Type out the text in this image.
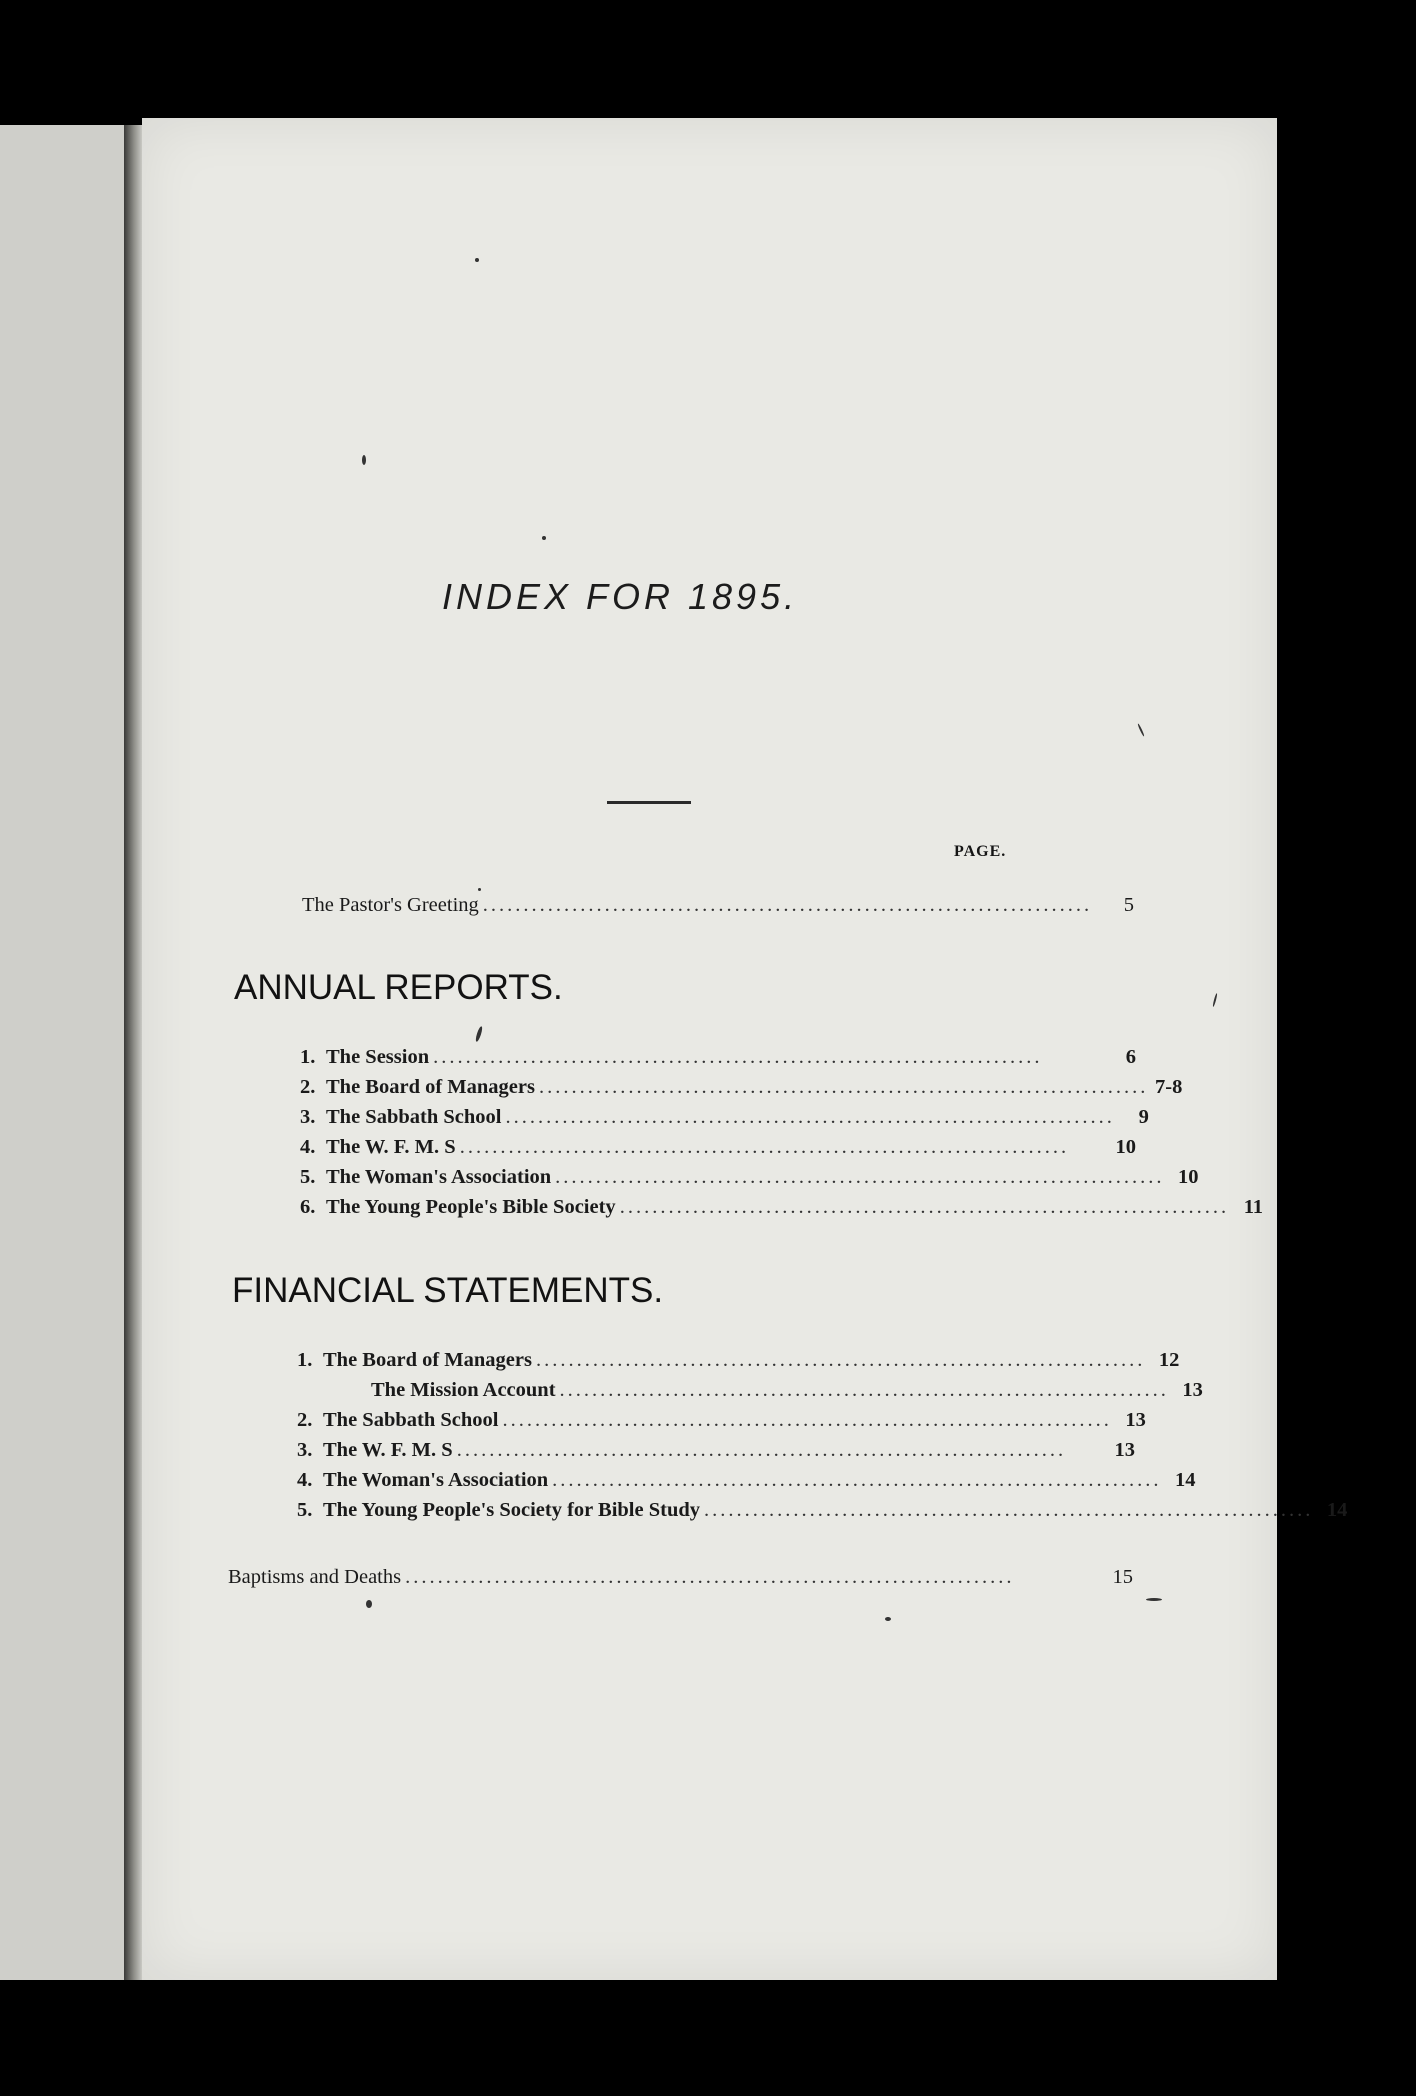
INDEX FOR 1895.
PAGE.
The Pastor's Greeting ...........................................................................	5
ANNUAL REPORTS.
1. The Session ...........................................................................	6
2. The Board of Managers ........................................................................... 7-8
3. The Sabbath School ...........................................................................	9
4. The W. F. M. S ...........................................................................	10
5. The Woman's Association ........................................................................... 10
6. The Young People's Bible Society ........................................................................... 11
FINANCIAL STATEMENTS.
1. The Board of Managers ........................................................................... 12
The Mission Account ........................................................................... 13
2. The Sabbath School ........................................................................... 13
3. The W. F. M. S ...........................................................................	13
4. The Woman's Association ........................................................................... 14
5. The Young People's Society for Bible Study ........................................................................... 14
Baptisms and Deaths ...........................................................................	15
